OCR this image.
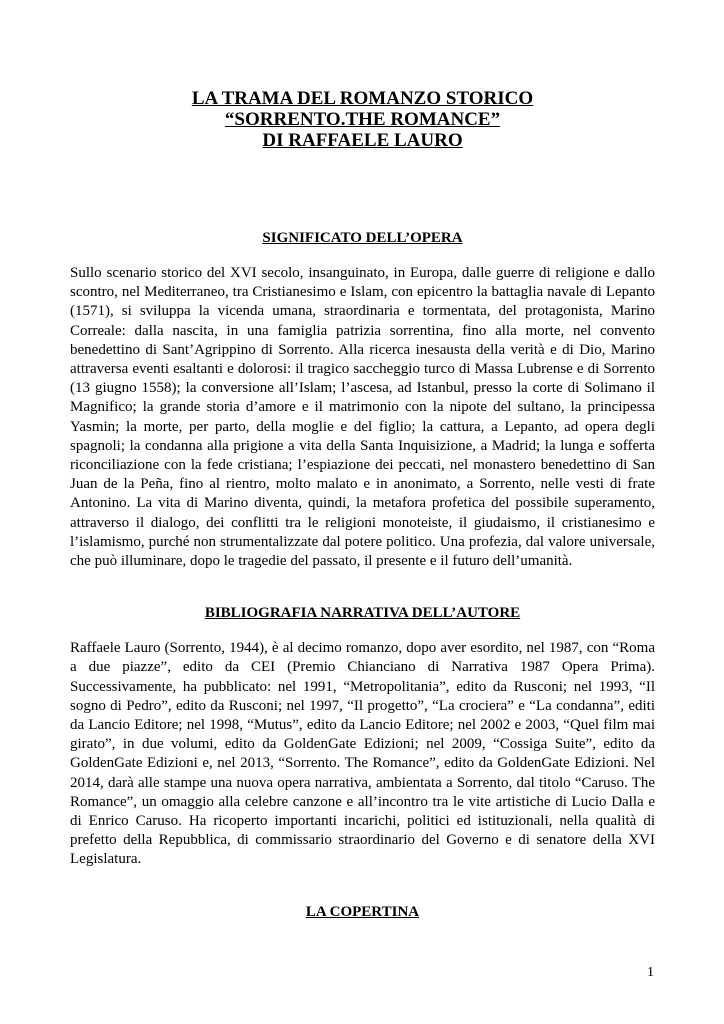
LA TRAMA DEL ROMANZO STORICO
“SORRENTO.THE ROMANCE”
DI RAFFAELE LAURO
SIGNIFICATO DELL’OPERA

Sullo scenario storico del XVI secolo, insanguinato, in Europa, dalle guerre di religione e dallo scontro, nel Mediterraneo, tra Cristianesimo e Islam, con epicentro la battaglia navale di Lepanto (1571), si sviluppa la vicenda umana, straordinaria e tormentata, del protagonista, Marino Correale: dalla nascita, in una famiglia patrizia sorrentina, fino alla morte, nel convento benedettino di Sant’Agrippino di Sorrento. Alla ricerca inesausta della verità e di Dio, Marino attraversa eventi esaltanti e dolorosi: il tragico saccheggio turco di Massa Lubrense e di Sorrento (13 giugno 1558); la conversione all’Islam; l’ascesa, ad Istanbul, presso la corte di Solimano il Magnifico; la grande storia d’amore e il matrimonio con la nipote del sultano, la principessa Yasmin; la morte, per parto, della moglie e del figlio; la cattura, a Lepanto, ad opera degli spagnoli; la condanna alla prigione a vita della Santa Inquisizione, a Madrid; la lunga e sofferta riconciliazione con la fede cristiana; l’espiazione dei peccati, nel monastero benedettino di San Juan de la Peña, fino al rientro, molto malato e in anonimato, a Sorrento, nelle vesti di frate Antonino. La vita di Marino diventa, quindi, la metafora profetica del possibile superamento, attraverso il dialogo, dei conflitti tra le religioni monoteiste, il giudaismo, il cristianesimo e l’islamismo, purché non strumentalizzate dal potere politico. Una profezia, dal valore universale, che può illuminare, dopo le tragedie del passato, il presente e il futuro dell’umanità.

BIBLIOGRAFIA NARRATIVA DELL’AUTORE

Raffaele Lauro (Sorrento, 1944), è al decimo romanzo, dopo aver esordito, nel 1987, con “Roma a due piazze”, edito da CEI (Premio Chianciano di Narrativa 1987 Opera Prima). Successivamente, ha pubblicato: nel 1991, “Metropolitania”, edito da Rusconi; nel 1993, “Il sogno di Pedro”, edito da Rusconi; nel 1997, “Il progetto”, “La crociera” e “La condanna”, editi da Lancio Editore; nel 1998, “Mutus”, edito da Lancio Editore; nel 2002 e 2003, “Quel film mai girato”, in due volumi, edito da GoldenGate Edizioni; nel 2009, “Cossiga Suite”, edito da GoldenGate Edizioni e, nel 2013, “Sorrento. The Romance”, edito da GoldenGate Edizioni. Nel 2014, darà alle stampe una nuova opera narrativa, ambientata a Sorrento, dal titolo “Caruso. The Romance”, un omaggio alla celebre canzone e all’incontro tra le vite artistiche di Lucio Dalla e di Enrico Caruso. Ha ricoperto importanti incarichi, politici ed istituzionali, nella qualità di prefetto della Repubblica, di commissario straordinario del Governo e di senatore della XVI Legislatura.

LA COPERTINA
1
